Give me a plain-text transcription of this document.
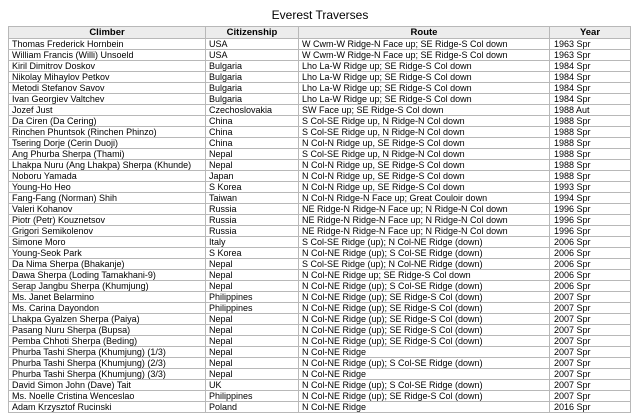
Everest Traverses
Climber	Citizenship	Route	Year
Thomas Frederick Hornbein	USA	W Cwm-W Ridge-N Face up; SE Ridge-S Col down	1963 Spr
William Francis (Willi) Unsoeld	USA	W Cwm-W Ridge-N Face up; SE Ridge-S Col down	1963 Spr
Kiril Dimitrov Doskov	Bulgaria	Lho La-W Ridge up; SE Ridge-S Col down	1984 Spr
Nikolay Mihaylov Petkov	Bulgaria	Lho La-W Ridge up; SE Ridge-S Col down	1984 Spr
Metodi Stefanov Savov	Bulgaria	Lho La-W Ridge up; SE Ridge-S Col down	1984 Spr
Ivan Georgiev Valtchev	Bulgaria	Lho La-W Ridge up; SE Ridge-S Col down	1984 Spr
Jozef Just	Czechoslovakia	SW Face up; SE Ridge-S Col down	1988 Aut
Da Ciren (Da Cering)	China	S Col-SE Ridge up, N Ridge-N Col down	1988 Spr
Rinchen Phuntsok (Rinchen Phinzo)	China	S Col-SE Ridge up, N Ridge-N Col down	1988 Spr
Tsering Dorje (Cerin Duoji)	China	N Col-N Ridge up, SE Ridge-S Col down	1988 Spr
Ang Phurba Sherpa (Thami)	Nepal	S Col-SE Ridge up, N Ridge-N Col down	1988 Spr
Lhakpa Nuru (Ang Lhakpa) Sherpa (Khunde)	Nepal	N Col-N Ridge up, SE Ridge-S Col down	1988 Spr
Noboru Yamada	Japan	N Col-N Ridge up, SE Ridge-S Col down	1988 Spr
Young-Ho Heo	S Korea	N Col-N Ridge up, SE Ridge-S Col down	1993 Spr
Fang-Fang (Norman) Shih	Taiwan	N Col-N Ridge-N Face up; Great Couloir down	1994 Spr
Valeri Kohanov	Russia	NE Ridge-N Ridge-N Face up; N Ridge-N Col down	1996 Spr
Piotr (Petr) Kouznetsov	Russia	NE Ridge-N Ridge-N Face up; N Ridge-N Col down	1996 Spr
Grigori Semikolenov	Russia	NE Ridge-N Ridge-N Face up; N Ridge-N Col down	1996 Spr
Simone Moro	Italy	S Col-SE Ridge (up); N Col-NE Ridge (down)	2006 Spr
Young-Seok Park	S Korea	N Col-NE Ridge (up); S Col-SE Ridge (down)	2006 Spr
Da Nima Sherpa (Bhakanje)	Nepal	S Col-SE Ridge (up); N Col-NE Ridge (down)	2006 Spr
Dawa Sherpa (Loding Tamakhani-9)	Nepal	N Col-NE Ridge up; SE Ridge-S Col down	2006 Spr
Serap Jangbu Sherpa (Khumjung)	Nepal	N Col-NE Ridge (up); S Col-SE Ridge (down)	2006 Spr
Ms. Janet Belarmino	Philippines	N Col-NE Ridge (up); SE Ridge-S Col (down)	2007 Spr
Ms. Carina Dayondon	Philippines	N Col-NE Ridge (up); SE Ridge-S Col (down)	2007 Spr
Lhakpa Gyalzen Sherpa (Paiya)	Nepal	N Col-NE Ridge (up); SE Ridge-S Col (down)	2007 Spr
Pasang Nuru Sherpa (Bupsa)	Nepal	N Col-NE Ridge (up); SE Ridge-S Col (down)	2007 Spr
Pemba Chhoti Sherpa (Beding)	Nepal	N Col-NE Ridge (up); SE Ridge-S Col (down)	2007 Spr
Phurba Tashi Sherpa (Khumjung) (1/3)	Nepal	N Col-NE Ridge	2007 Spr
Phurba Tashi Sherpa (Khumjung) (2/3)	Nepal	N Col-NE Ridge (up); S Col-SE Ridge (down)	2007 Spr
Phurba Tashi Sherpa (Khumjung) (3/3)	Nepal	N Col-NE Ridge	2007 Spr
David Simon John (Dave) Tait	UK	N Col-NE Ridge (up); S Col-SE Ridge (down)	2007 Spr
Ms. Noelle Cristina Wenceslao	Philippines	N Col-NE Ridge (up); SE Ridge-S Col (down)	2007 Spr
Adam Krzysztof Rucinski	Poland	N Col-NE Ridge	2016 Spr
